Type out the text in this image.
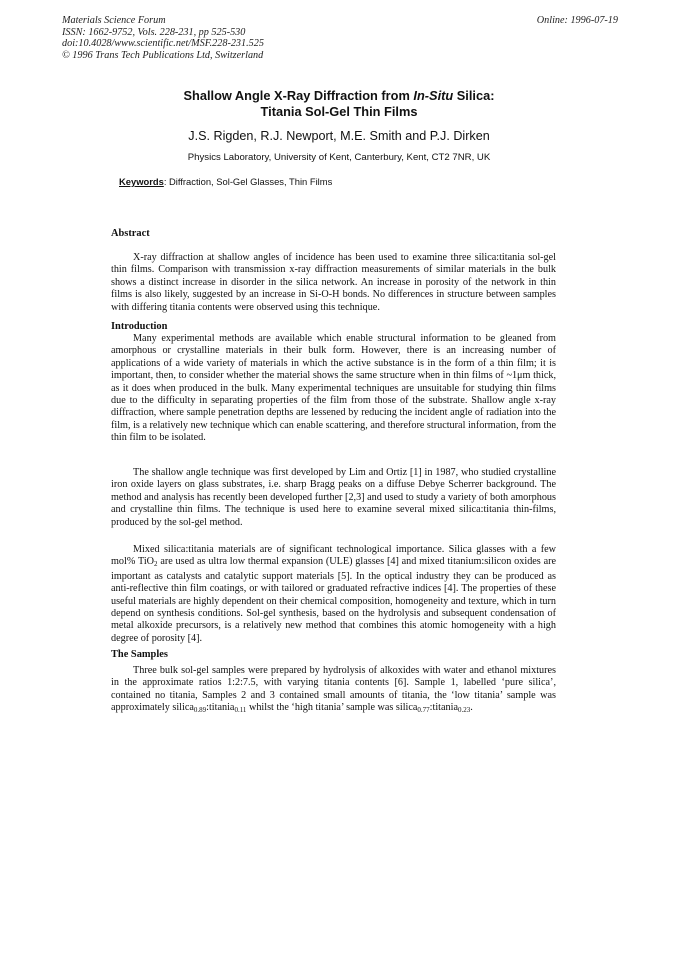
Materials Science Forum
ISSN: 1662-9752, Vols. 228-231, pp 525-530
doi:10.4028/www.scientific.net/MSF.228-231.525
© 1996 Trans Tech Publications Ltd, Switzerland
Online: 1996-07-19
Shallow Angle X-Ray Diffraction from In-Situ Silica:
Titania Sol-Gel Thin Films
J.S. Rigden, R.J. Newport, M.E. Smith and P.J. Dirken
Physics Laboratory, University of Kent, Canterbury, Kent, CT2 7NR, UK
Keywords: Diffraction, Sol-Gel Glasses, Thin Films
Abstract

X-ray diffraction at shallow angles of incidence has been used to examine three silica:titania sol-gel thin films. Comparison with transmission x-ray diffraction measurements of similar materials in the bulk shows a distinct increase in disorder in the silica network. An increase in porosity of the network in thin films is also likely, suggested by an increase in Si-O-H bonds. No differences in structure between samples with differing titania contents were observed using this technique.

Introduction

Many experimental methods are available which enable structural information to be gleaned from amorphous or crystalline materials in their bulk form. However, there is an increasing number of applications of a wide variety of materials in which the active substance is in the form of a thin film; it is important, then, to consider whether the material shows the same structure when in thin films of ~1μm thick, as it does when produced in the bulk. Many experimental techniques are unsuitable for studying thin films due to the difficulty in separating properties of the film from those of the substrate. Shallow angle x-ray diffraction, where sample penetration depths are lessened by reducing the incident angle of radiation into the film, is a relatively new technique which can enable scattering, and therefore structural information, from the thin film to be isolated.

The shallow angle technique was first developed by Lim and Ortiz [1] in 1987, who studied crystalline iron oxide layers on glass substrates, i.e. sharp Bragg peaks on a diffuse Debye Scherrer background. The method and analysis has recently been developed further [2,3] and used to study a variety of both amorphous and crystalline thin films. The technique is used here to examine several mixed silica:titania thin-films, produced by the sol-gel method.

Mixed silica:titania materials are of significant technological importance. Silica glasses with a few mol% TiO$_2$ are used as ultra low thermal expansion (ULE) glasses [4] and mixed titanium:silicon oxides are important as catalysts and catalytic support materials [5]. In the optical industry they can be produced as anti-reflective thin film coatings, or with tailored or graduated refractive indices [4]. The properties of these useful materials are highly dependent on their chemical composition, homogeneity and texture, which in turn depend on synthesis conditions. Sol-gel synthesis, based on the hydrolysis and subsequent condensation of metal alkoxide precursors, is a relatively new method that combines this atomic homogeneity with a high degree of porosity [4].

The Samples

Three bulk sol-gel samples were prepared by hydrolysis of alkoxides with water and ethanol mixtures in the approximate ratios 1:2:7.5, with varying titania contents [6]. Sample 1, labelled ‘pure silica’, contained no titania, Samples 2 and 3 contained small amounts of titania, the ‘low titania’ sample was approximately silica$_{0.89}$:titania$_{0.11}$ whilst the ‘high titania’ sample was silica$_{0.77}$:titania$_{0.23}$.
